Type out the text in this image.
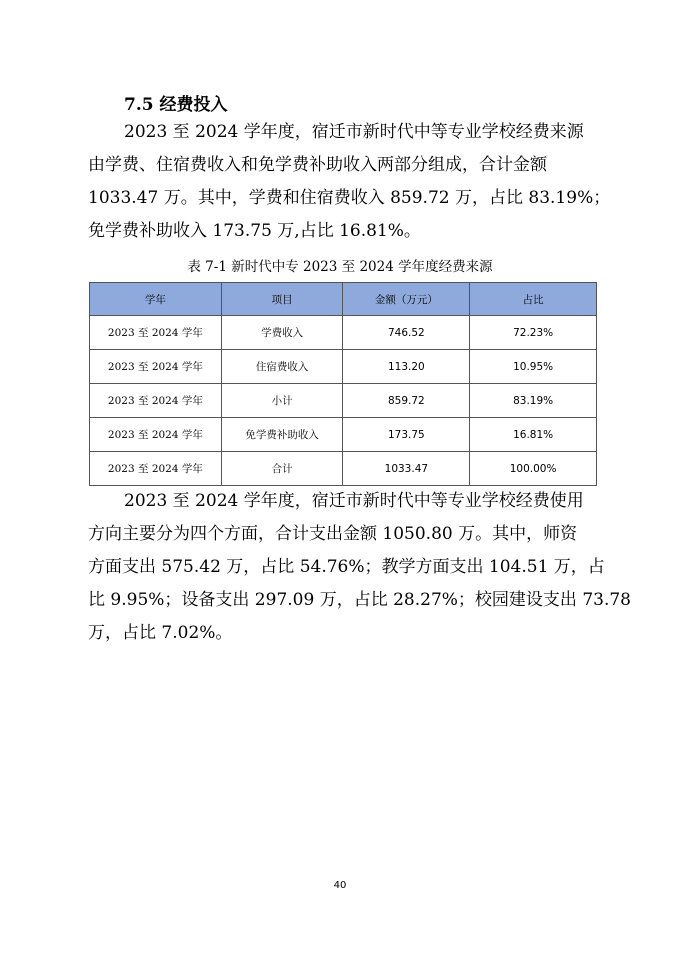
7.5 经费投入
2023 至 2024 学年度，宿迁市新时代中等专业学校经费来源
由学费、住宿费收入和免学费补助收入两部分组成，合计金额
1033.47 万。其中，学费和住宿费收入 859.72 万，占比 83.19%；
免学费补助收入 173.75 万,占比 16.81%。

表 7-1 新时代中专 2023 至 2024 学年度经费来源

学年	项目	金额（万元）	占比
2023 至 2024 学年	学费收入	746.52	72.23%
2023 至 2024 学年	住宿费收入	113.20	10.95%
2023 至 2024 学年	小计	859.72	83.19%
2023 至 2024 学年	免学费补助收入	173.75	16.81%
2023 至 2024 学年	合计	1033.47	100.00%
2023 至 2024 学年度，宿迁市新时代中等专业学校经费使用
方向主要分为四个方面，合计支出金额 1050.80 万。其中，师资
方面支出 575.42 万，占比 54.76%；教学方面支出 104.51 万，占
比 9.95%；设备支出 297.09 万，占比 28.27%；校园建设支出 73.78
万，占比 7.02%。
40
